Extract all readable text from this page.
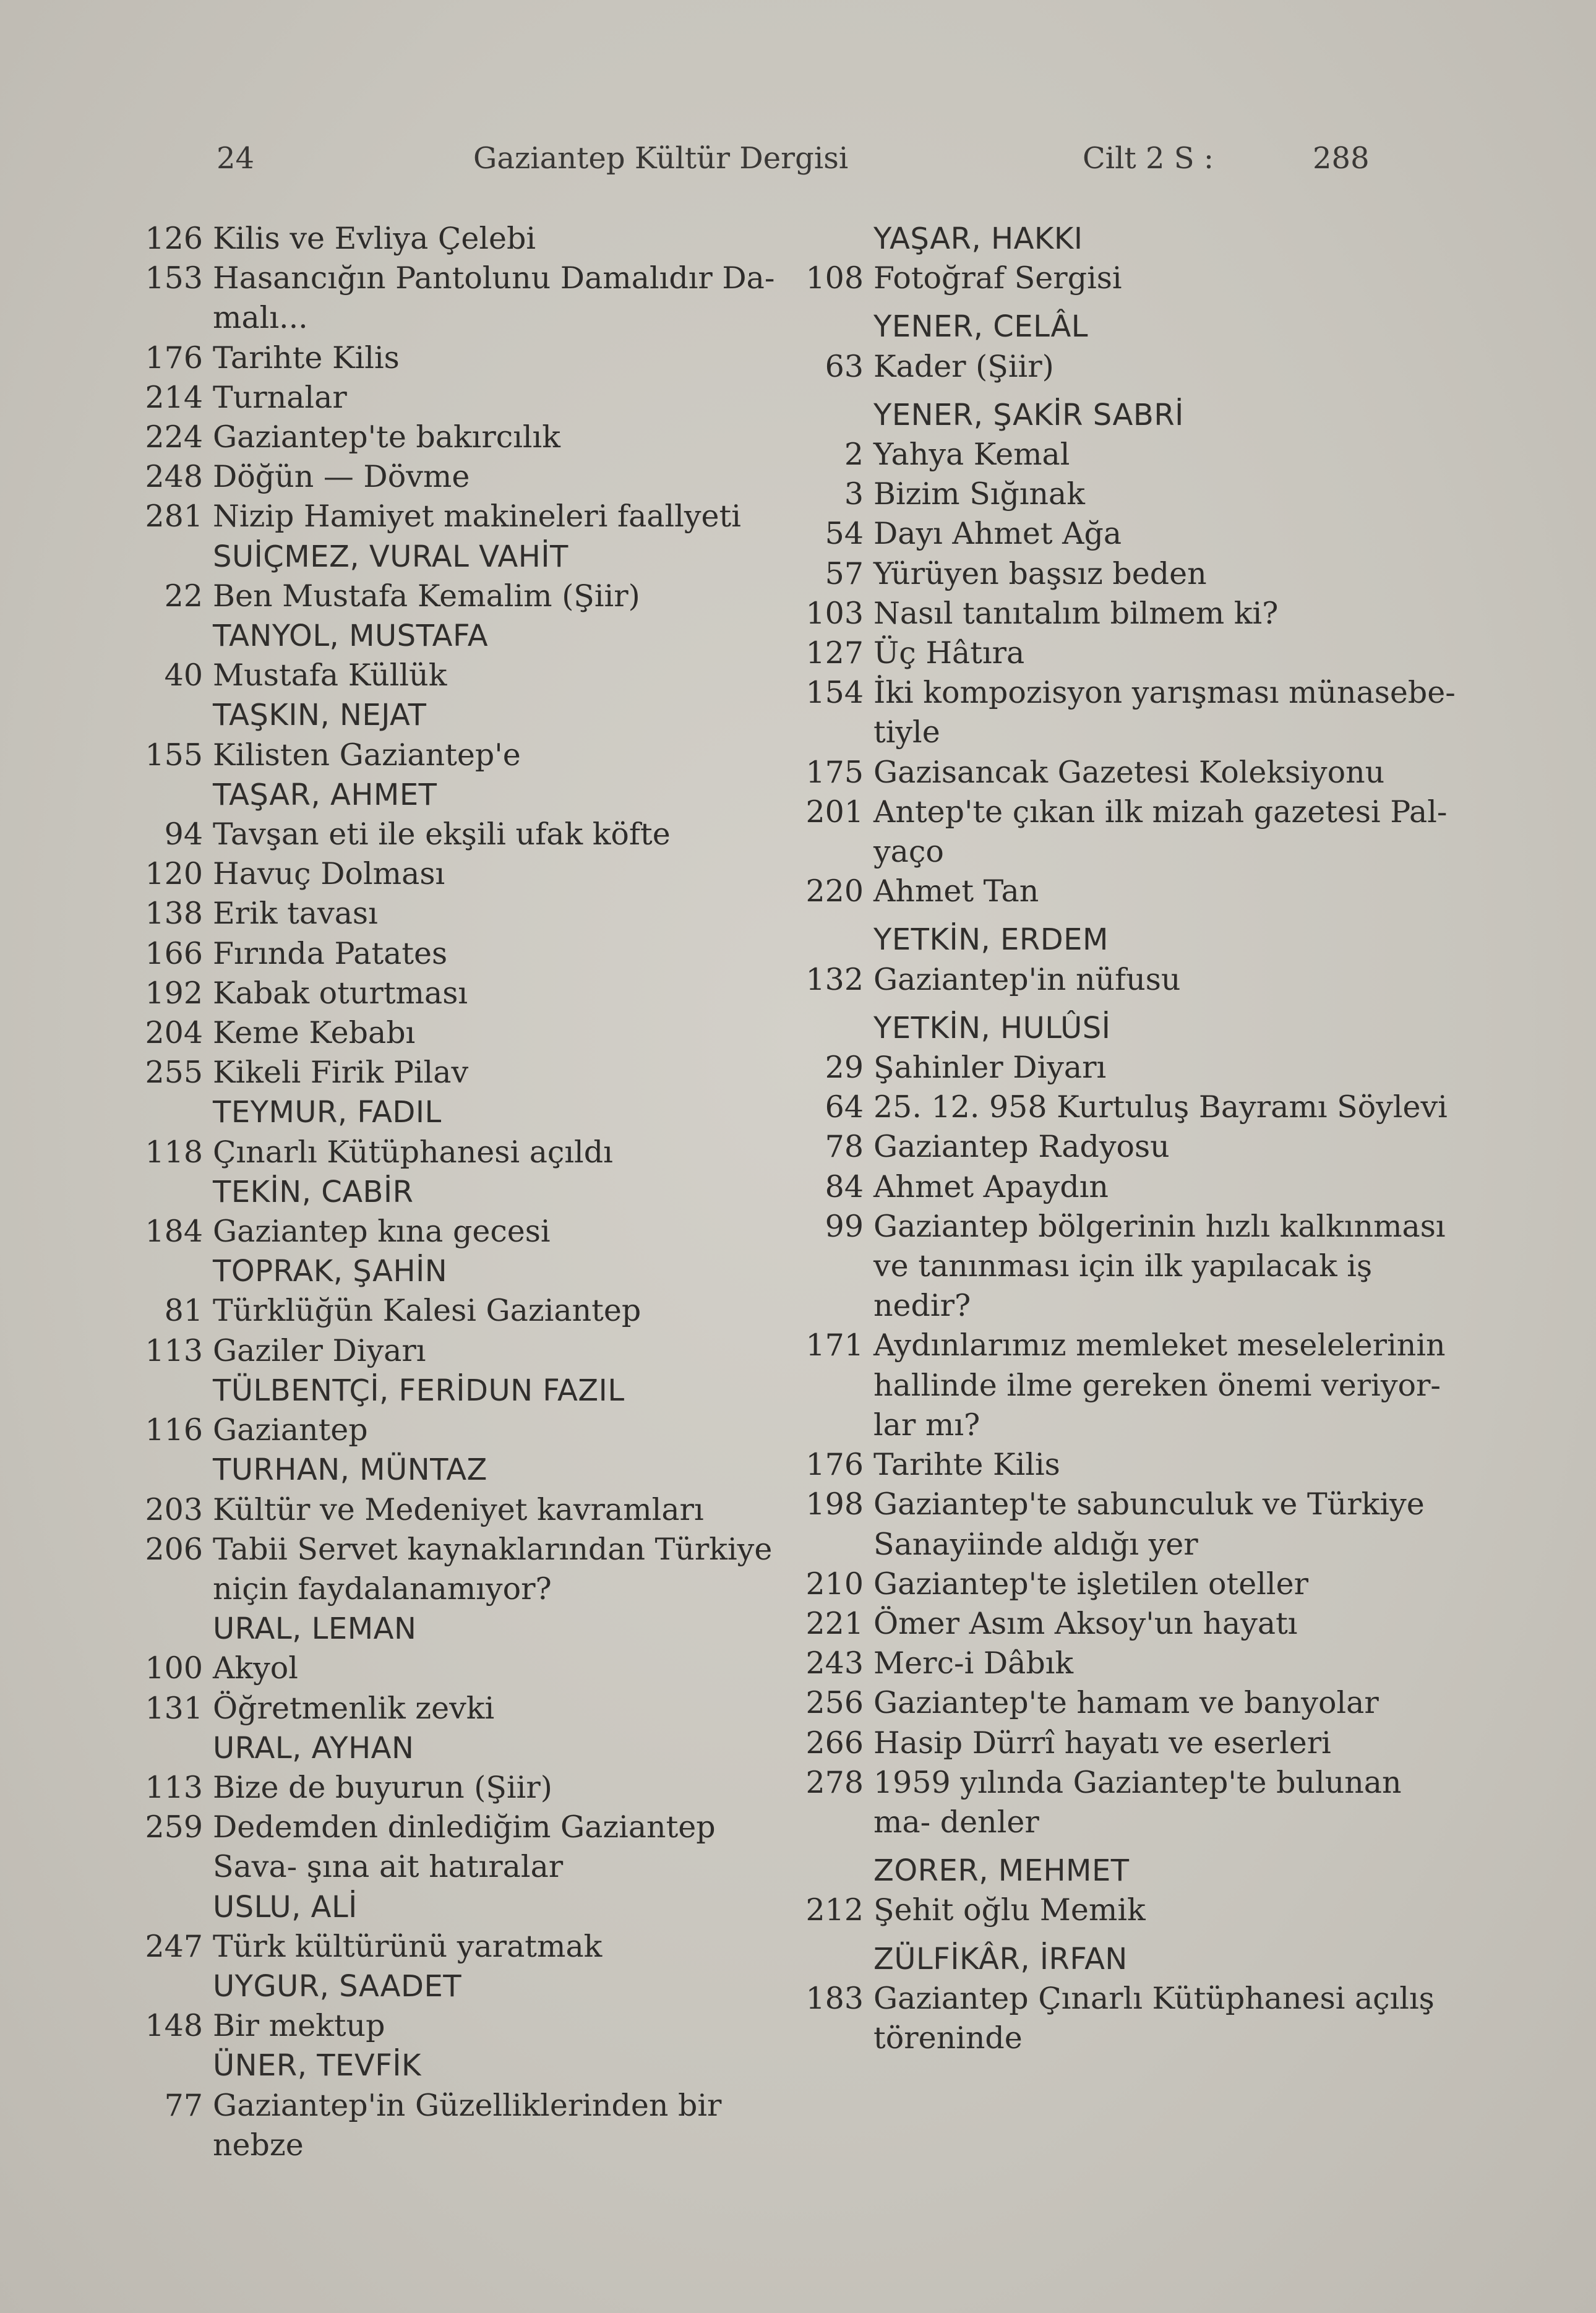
24	Gaziantep Kültür Dergisi	Cilt 2 S :	288
126 Kilis ve Evliya Çelebi
153 Hasancığın Pantolunu Damalıdır Da- malı...
176 Tarihte Kilis
214 Turnalar
224 Gaziantep'te bakırcılık
248 Döğün — Dövme
281 Nizip Hamiyet makineleri faallyeti
SUİÇMEZ, VURAL VAHİT
22 Ben Mustafa Kemalim (Şiir)
TANYOL, MUSTAFA
40 Mustafa Küllük
TAŞKIN, NEJAT
155 Kilisten Gaziantep'e
TAŞAR, AHMET
94 Tavşan eti ile ekşili ufak köfte
120 Havuç Dolması
138 Erik tavası
166 Fırında Patates
192 Kabak oturtması
204 Keme Kebabı
255 Kikeli Firik Pilav
TEYMUR, FADIL
118 Çınarlı Kütüphanesi açıldı
TEKİN, CABİR
184 Gaziantep kına gecesi
TOPRAK, ŞAHİN
81 Türklüğün Kalesi Gaziantep
113 Gaziler Diyarı
TÜLBENTÇİ, FERİDUN FAZIL
116 Gaziantep
TURHAN, MÜNTAZ
203 Kültür ve Medeniyet kavramları
206 Tabii Servet kaynaklarından Türkiye niçin faydalanamıyor?
URAL, LEMAN
100 Akyol
131 Öğretmenlik zevki
URAL, AYHAN
113 Bize de buyurun (Şiir)
259 Dedemden dinlediğim Gaziantep Sava- şına ait hatıralar
USLU, ALİ
247 Türk kültürünü yaratmak
UYGUR, SAADET
148 Bir mektup
ÜNER, TEVFİK
77 Gaziantep'in Güzelliklerinden bir nebze
YAŞAR, HAKKI
108 Fotoğraf Sergisi
YENER, CELÂL
63 Kader (Şiir)
YENER, ŞAKİR SABRİ
2 Yahya Kemal
3 Bizim Sığınak
54 Dayı Ahmet Ağa
57 Yürüyen başsız beden
103 Nasıl tanıtalım bilmem ki?
127 Üç Hâtıra
154 İki kompozisyon yarışması münasebe- tiyle
175 Gazisancak Gazetesi Koleksiyonu
201 Antep'te çıkan ilk mizah gazetesi Pal- yaço
220 Ahmet Tan
YETKİN, ERDEM
132 Gaziantep'in nüfusu
YETKİN, HULÛSİ
29 Şahinler Diyarı
64 25. 12. 958 Kurtuluş Bayramı Söylevi
78 Gaziantep Radyosu
84 Ahmet Apaydın
99 Gaziantep bölgerinin hızlı kalkınması ve tanınması için ilk yapılacak iş nedir?
171 Aydınlarımız memleket meselelerinin hallinde ilme gereken önemi veriyor- lar mı?
176 Tarihte Kilis
198 Gaziantep'te sabunculuk ve Türkiye Sanayiinde aldığı yer
210 Gaziantep'te işletilen oteller
221 Ömer Asım Aksoy'un hayatı
243 Merc-i Dâbık
256 Gaziantep'te hamam ve banyolar
266 Hasip Dürrî hayatı ve eserleri
278 1959 yılında Gaziantep'te bulunan ma- denler
ZORER, MEHMET
212 Şehit oğlu Memik
ZÜLFİKÂR, İRFAN
183 Gaziantep Çınarlı Kütüphanesi açılış töreninde
